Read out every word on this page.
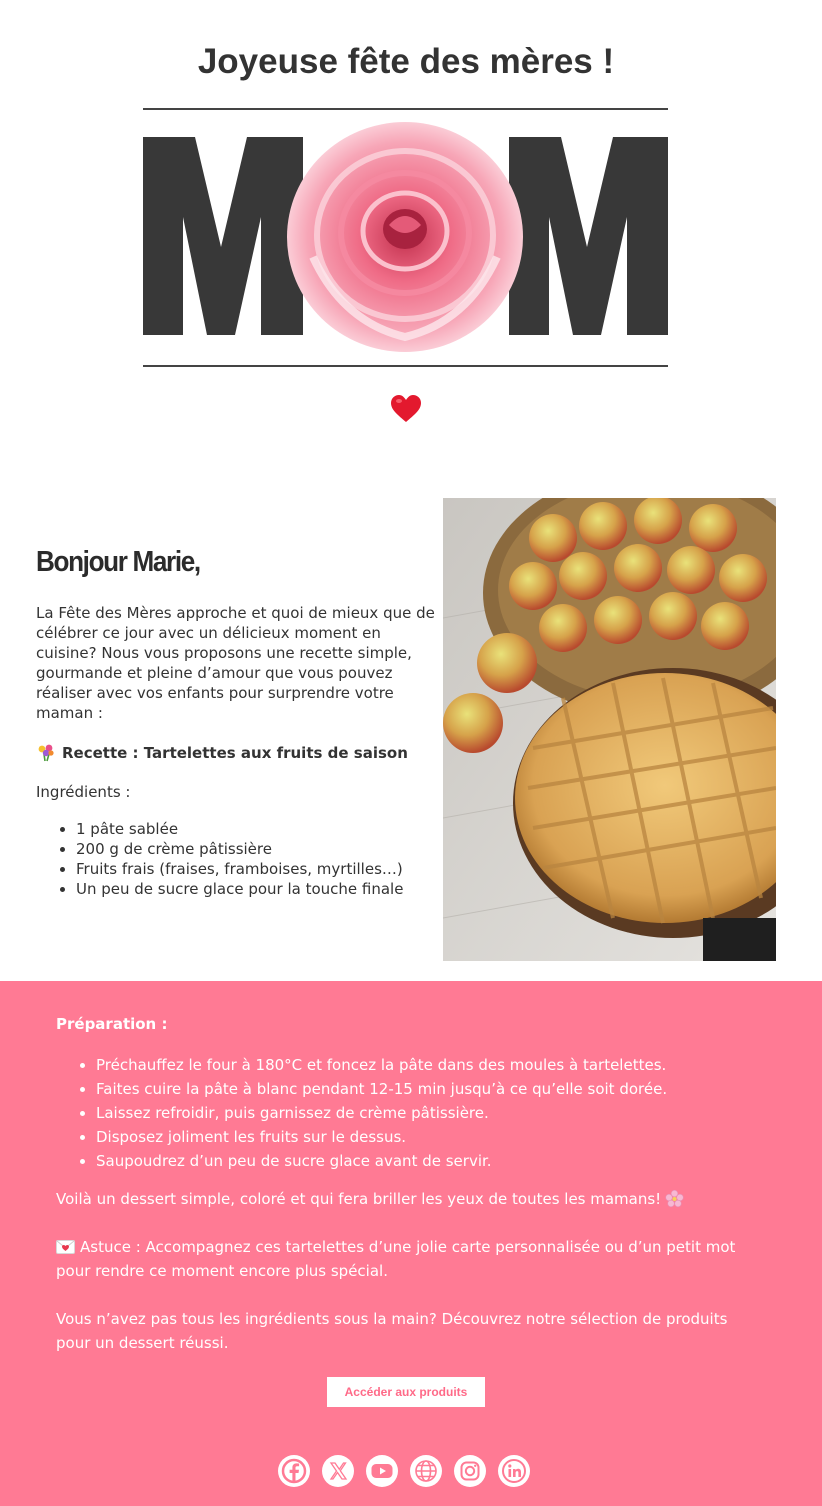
Joyeuse fête des mères !
Bonjour Marie,

La Fête des Mères approche et quoi de mieux que de célébrer ce jour avec un délicieux moment en cuisine? Nous vous proposons une recette simple, gourmande et pleine d’amour que vous pouvez réaliser avec vos enfants pour surprendre votre maman :

Recette : Tartelettes aux fruits de saison
Ingrédients :
1 pâte sablée
200 g de crème pâtissière
Fruits frais (fraises, framboises, myrtilles…)
Un peu de sucre glace pour la touche finale
Préparation :
Préchauffez le four à 180°C et foncez la pâte dans des moules à tartelettes.
Faites cuire la pâte à blanc pendant 12-15 min jusqu’à ce qu’elle soit dorée.
Laissez refroidir, puis garnissez de crème pâtissière.
Disposez joliment les fruits sur le dessus.
Saupoudrez d’un peu de sucre glace avant de servir.

Voilà un dessert simple, coloré et qui fera briller les yeux de toutes les mamans!

Astuce : Accompagnez ces tartelettes d’une jolie carte personnalisée ou d’un petit mot pour rendre ce moment encore plus spécial.

Vous n’avez pas tous les ingrédients sous la main? Découvrez notre sélection de produits pour un dessert réussi.

Accéder aux produits
